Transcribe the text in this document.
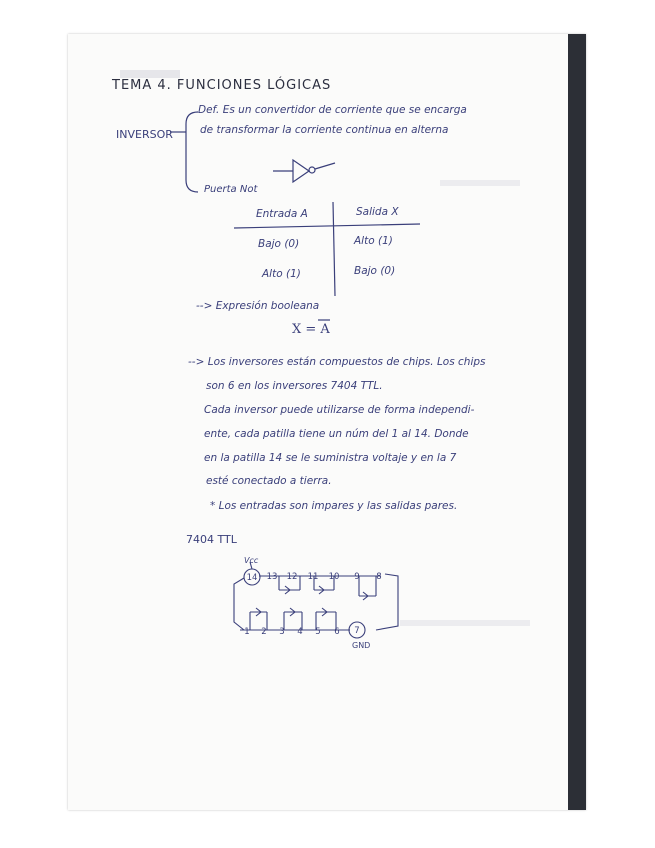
TEMA 4. FUNCIONES LÓGICAS
INVERSOR
Def. Es un convertidor de corriente que se encarga
de transformar la corriente continua en alterna
Puerta Not
Entrada A	Salida X
Bajo (0)	Alto (1)
Alto (1)	Bajo (0)
--> Expresión booleana
X = A
--> Los inversores están compuestos de chips. Los chips
son 6 en los inversores 7404 TTL.
Cada inversor puede utilizarse de forma independi-
ente, cada patilla tiene un núm del 1 al 14. Donde
en la patilla 14 se le suministra voltaje y en la 7
esté conectado a tierra.
* Los entradas son impares y las salidas pares.
7404 TTL
Vcc
GND
14 13 12 11 10 9 8
1 2 3 4 5 6 7
